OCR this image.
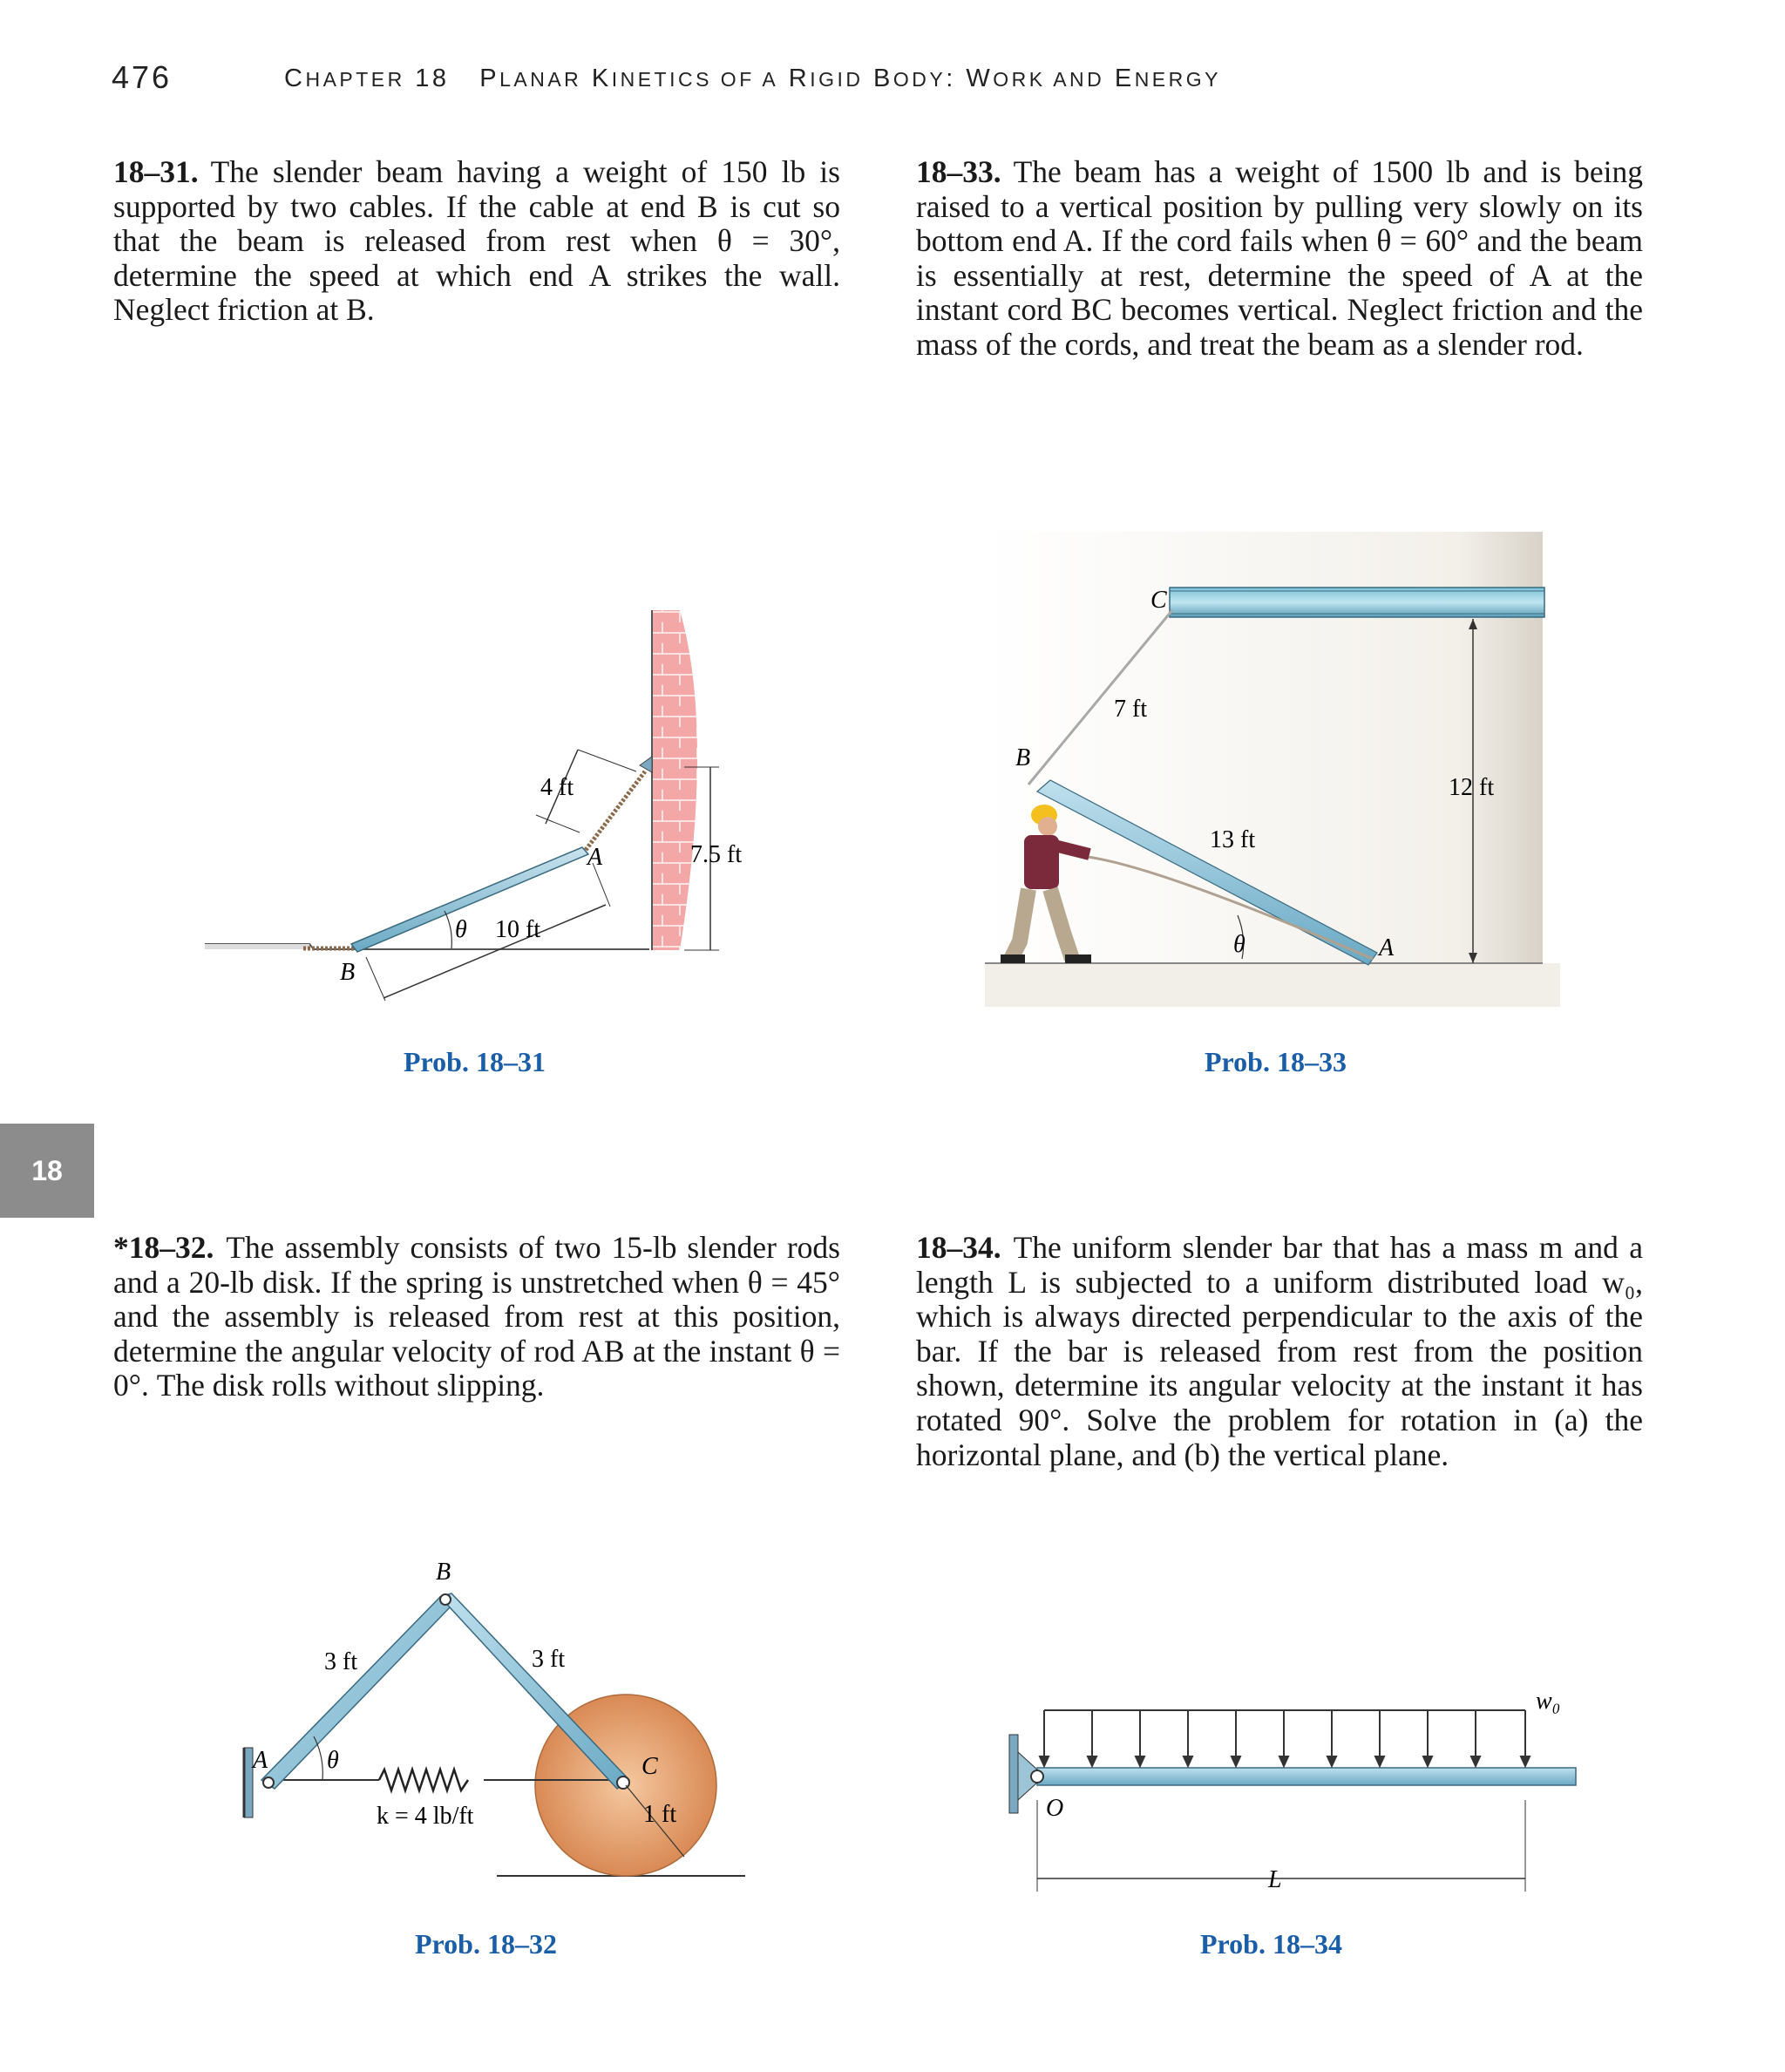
476	CHAPTER 18   PLANAR KINETICS OF A RIGID BODY: WORK AND ENERGY
18
18–31. The slender beam having a weight of 150 lb is supported by two cables. If the cable at end B is cut so that the beam is released from rest when θ = 30°, determine the speed at which end A strikes the wall. Neglect friction at B.
18–33. The beam has a weight of 1500 lb and is being raised to a vertical position by pulling very slowly on its bottom end A. If the cord fails when θ = 60° and the beam is essentially at rest, determine the speed of A at the instant cord BC becomes vertical. Neglect friction and the mass of the cords, and treat the beam as a slender rod.
*18–32. The assembly consists of two 15-lb slender rods and a 20-lb disk. If the spring is unstretched when θ = 45° and the assembly is released from rest at this position, determine the angular velocity of rod AB at the instant θ = 0°. The disk rolls without slipping.
18–34. The uniform slender bar that has a mass m and a length L is subjected to a uniform distributed load w₀, which is always directed perpendicular to the axis of the bar. If the bar is released from rest from the position shown, determine its angular velocity at the instant it has rotated 90°. Solve the problem for rotation in (a) the horizontal plane, and (b) the vertical plane.
4 ft
10 ft
7.5 ft
A
B
θ
Prob. 18–31
C
B
A
7 ft
12 ft
13 ft
θ
Prob. 18–33
B
A	C
3 ft	3 ft
θ
k = 4 lb/ft	1 ft
Prob. 18–32
w₀
O
L
Prob. 18–34
